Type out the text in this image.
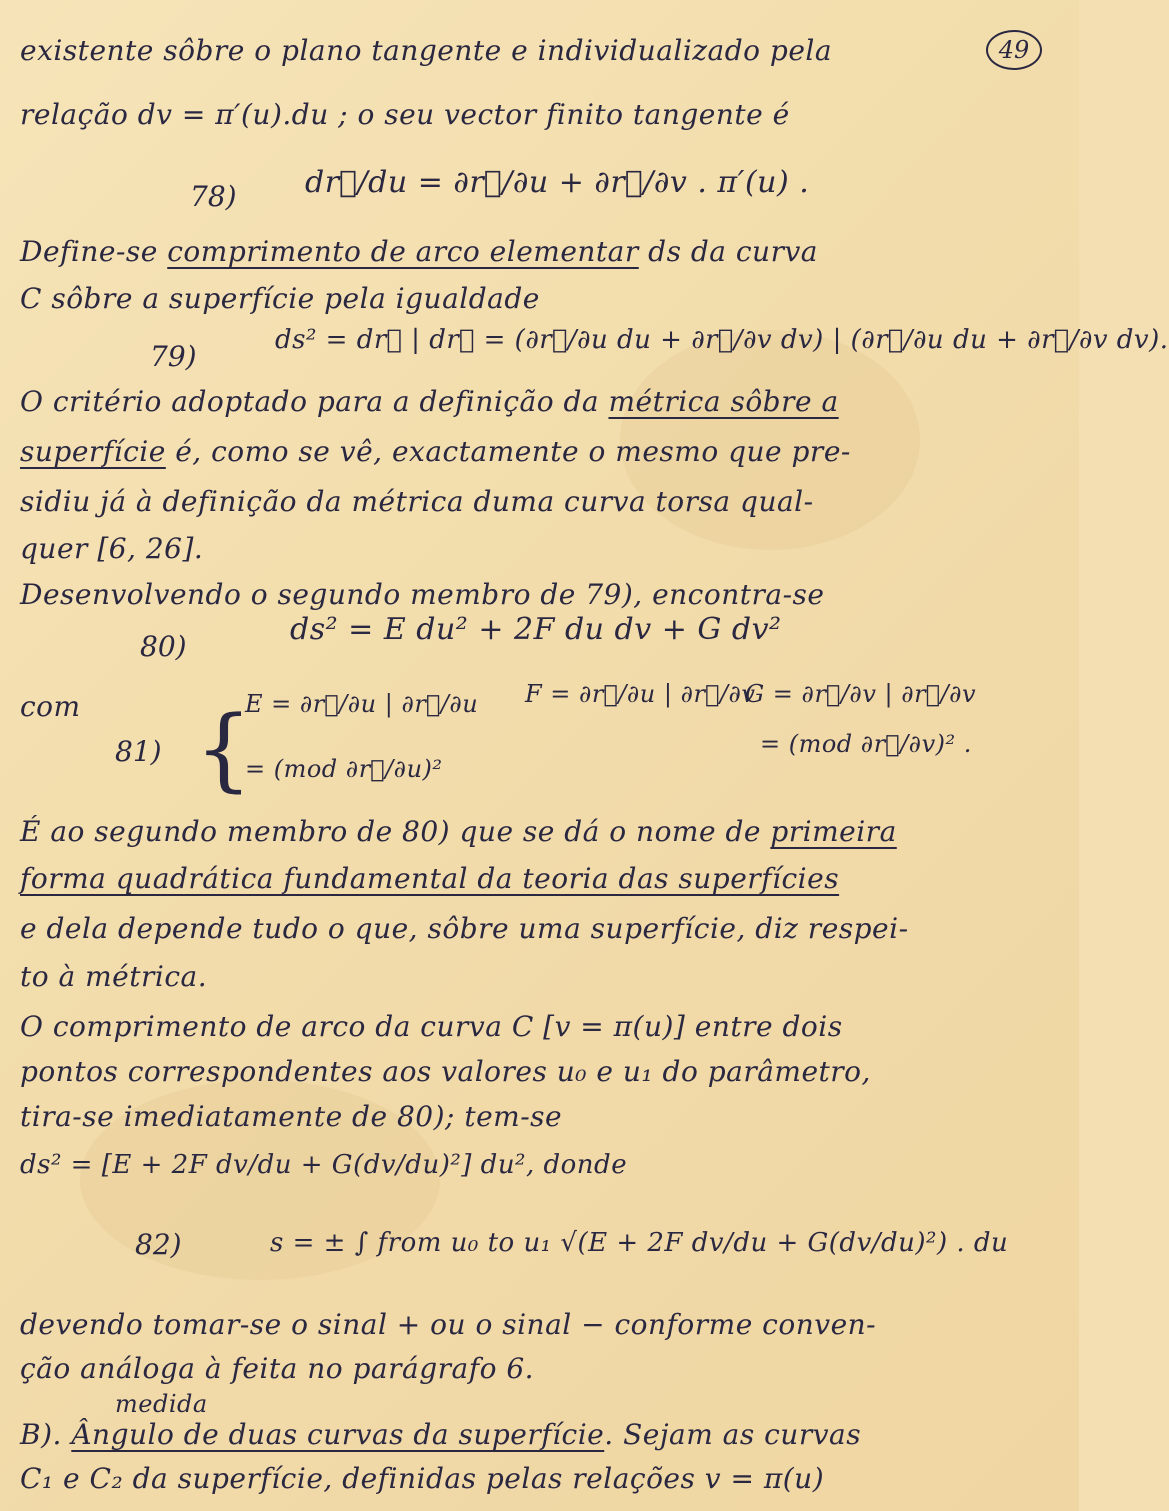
49
existente sôbre o plano tangente e individualizado pela
relação dv = π′(u).du ; o seu vector finito tangente é
78) dr⃗/du = ∂r⃗/∂u + ∂r⃗/∂v . π′(u) .
Define-se comprimento de arco elementar ds da curva
C sôbre a superfície pela igualdade
79)	ds² = dr⃗ | dr⃗ = (∂r⃗/∂u du + ∂r⃗/∂v dv) | (∂r⃗/∂u du + ∂r⃗/∂v dv).
O critério adoptado para a definição da métrica sôbre a
superfície é, como se vê, exactamente o mesmo que pre-
sidiu já à definição da métrica duma curva torsa qual-
quer [6, 26].
Desenvolvendo o segundo membro de 79), encontra-se
80)	ds² = E du² + 2F du dv + G dv²
com
81) {
E = ∂r⃗/∂u | ∂r⃗/∂u	F = ∂r⃗/∂u | ∂r⃗/∂v
G = ∂r⃗/∂v | ∂r⃗/∂v
= (mod ∂r⃗/∂u)²
= (mod ∂r⃗/∂v)² .
É ao segundo membro de 80) que se dá o nome de primeira
forma quadrática fundamental da teoria das superfícies
e dela depende tudo o que, sôbre uma superfície, diz respei-
to à métrica.
O comprimento de arco da curva C [v = π(u)] entre dois
pontos correspondentes aos valores u₀ e u₁ do parâmetro,
tira-se imediatamente de 80); tem-se
ds² = [E + 2F dv/du + G(dv/du)²] du², donde
82)	s = ± ∫ from u₀ to u₁ √(E + 2F dv/du + G(dv/du)²) . du
devendo tomar-se o sinal + ou o sinal − conforme conven-
ção análoga à feita no parágrafo 6.
medida
B). Ângulo de duas curvas da superfície. Sejam as curvas
C₁ e C₂ da superfície, definidas pelas relações v = π(u)
